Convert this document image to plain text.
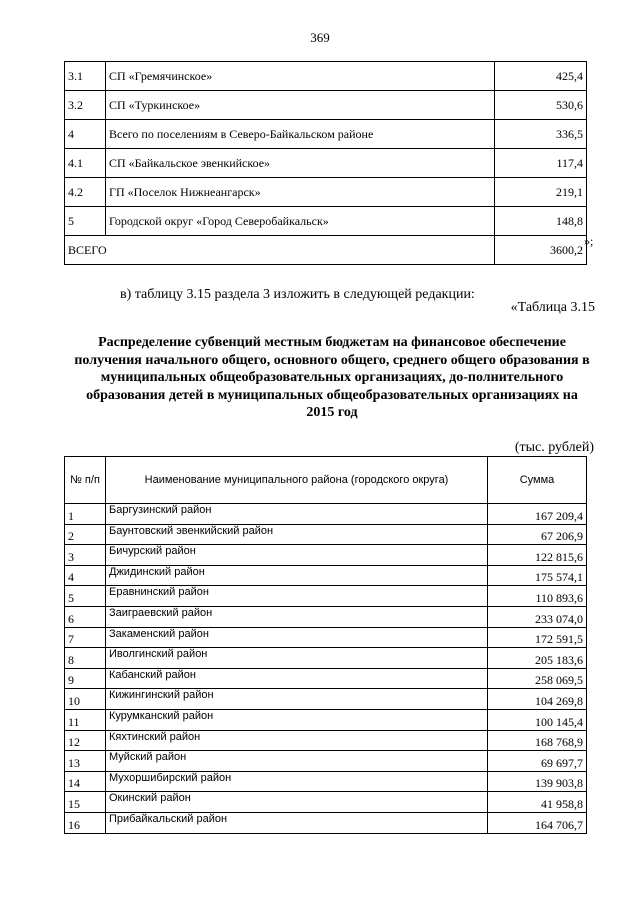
369
3.1	СП «Гремячинское»	425,4
3.2	СП «Туркинское»	530,6
4	Всего по поселениям в Северо-Байкальском районе	336,5
4.1	СП «Байкальское эвенкийское»	117,4
4.2	ГП «Поселок Нижнеангарск»	219,1
5	Городской округ «Город Северобайкальск»	148,8
ВСЕГО		3600,2
»;
в) таблицу 3.15 раздела 3 изложить в следующей редакции:
«Таблица 3.15
Распределение субвенций местным бюджетам на финансовое обеспечение получения начального общего, основного общего, среднего общего образования в муниципальных общеобразовательных организациях, до-полнительного образования детей в муниципальных общеобразовательных организациях на 2015 год
(тыс. рублей)
№ п/п	Наименование муниципального района (городского округа)	Сумма
1	Баргузинский район	167 209,4
2	Баунтовский эвенкийский район	67 206,9
3	Бичурский район	122 815,6
4	Джидинский район	175 574,1
5	Еравнинский район	110 893,6
6	Заиграевский район	233 074,0
7	Закаменский район	172 591,5
8	Иволгинский район	205 183,6
9	Кабанский район	258 069,5
10	Кижингинский район	104 269,8
11	Курумканский район	100 145,4
12	Кяхтинский район	168 768,9
13	Муйский район	69 697,7
14	Мухоршибирский район	139 903,8
15	Окинский район	41 958,8
16	Прибайкальский район	164 706,7
